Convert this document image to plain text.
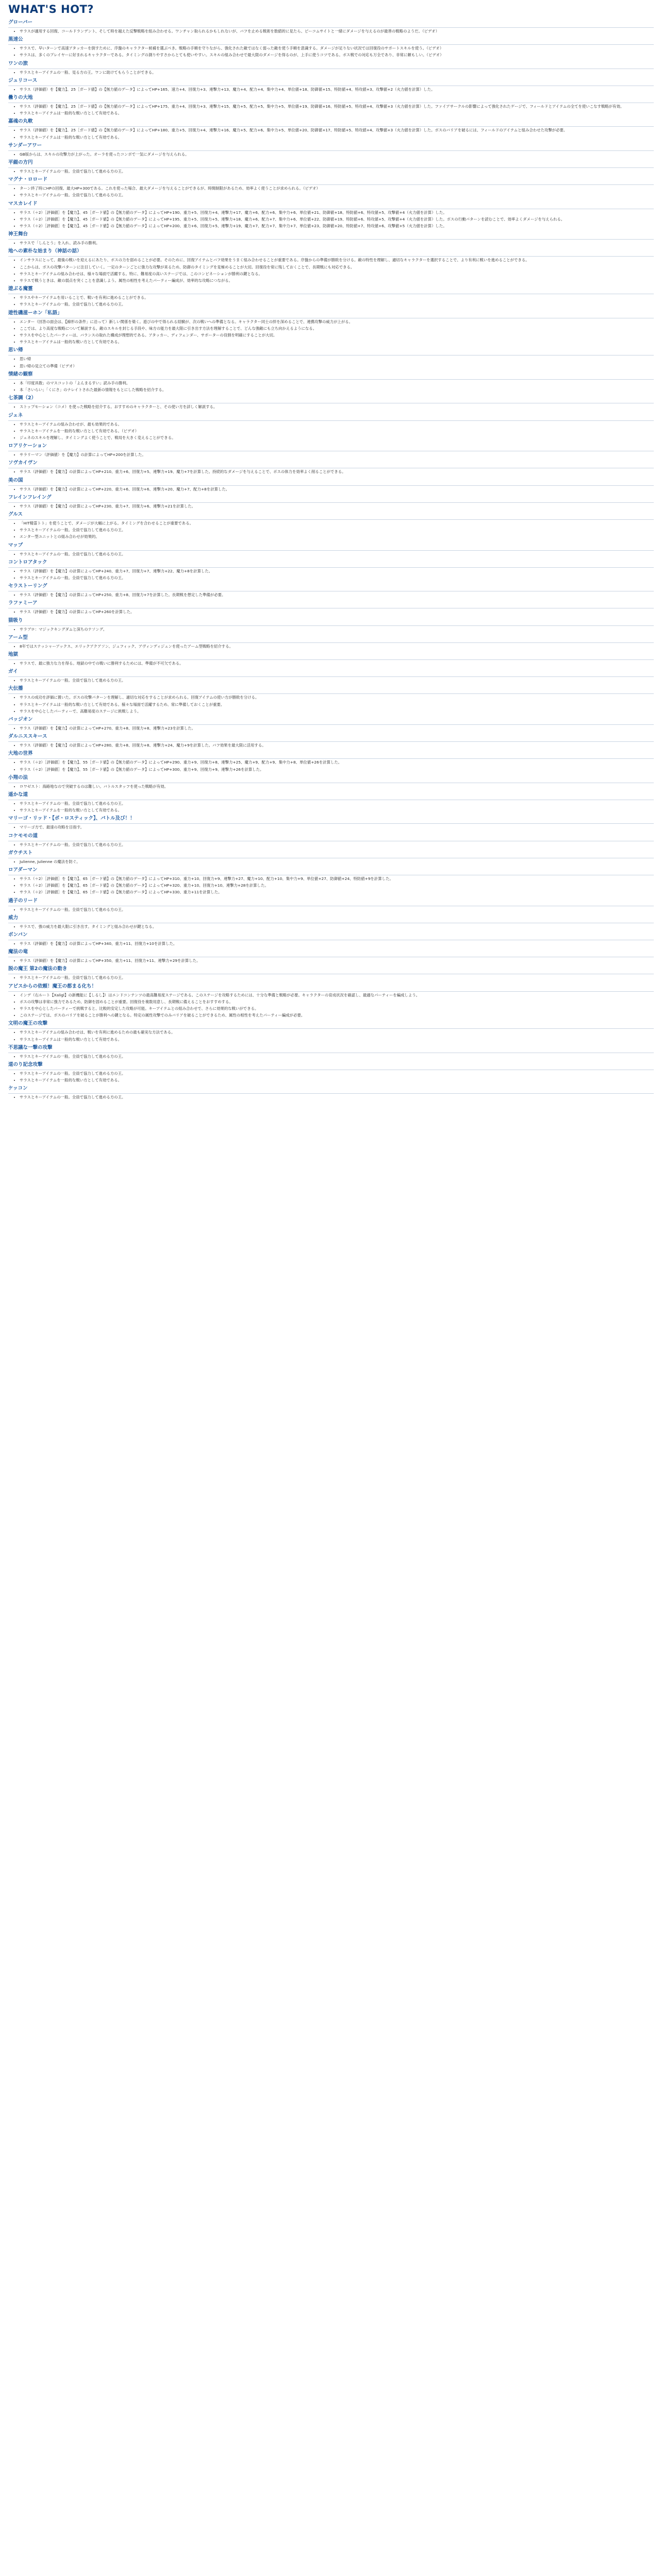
WHAT'S HOT?
グローバー
• サラスが適用する回復、コールドランデント、そして時を越えた反撃戦略を組み合わせる。ワンチャン取られるかもしれないが、バフを止める戦術を数値的に見たら、ピーコムサイトと一緒にダメージを与えるのが最善の戦略のようだ。（ビデオ）
黒速公
• サラスで、早いターンで高速アタッカーを倒すために、序盤のキャラクター候補を選ぶべき。戦略の手順を守りながら、強化された敵ではなく弱った敵を使う手順を意識する。ダメージが足りない状況では回復役のサポートスキルを使う。（ビデオ）
• サラスは、多くのプレイヤーに好まれるキャラクターである。タイミングの測りやすさからとても使いやすい。スキルの組み合わせで最大限のダメージを得るのが、上手に使うコツである。ボス戦での対応も万全であり、非常に頼もしい。（ビデオ）
ワンの旅
• サラスとキーアイテムの一般、見る方の王。ワンに助けてもらうことができる。
ジュリコース
• サラス（評価値）を【魔力】、25［ガード値】の【無力値のデータ】によってHP+165、速力+4、回復力+3、連撃力+13、魔力+4、配力+4、集中力+4、単位値+18、防御値+15、特防値+4、特攻値+3、攻撃値+2（火力値を計算）した。
曇りの大地
• サラス（評価値）を【魔力】、25［ガード値】の【無力値のデータ】によってHP+175、重力+4、回復力+3、連撃力+15、魔力+5、配力+5、集中力+5、単位値+19、防御値+16、特防値+5、特攻値+4、攻撃値+3（火力値を計算）した。ファイアサークルの影響によって強化されたゲージで、フィールドとアイテムの全てを使いこなす戦略が有効。
• サラスとキーアイテムは一般的な戦い方として有効である。
嘉魂の丸軟
• サラス（評価値）を【魔力】、25［ガード値】の【無力値のデータ】によってHP+180、重力+5、回復力+4、連撃力+16、魔力+5、配力+6、集中力+5、単位値+20、防御値+17、特防値+5、特攻値+4、攻撃値+3（火力値を計算）した。ボスのバリアを破るには、フィールドのアイテムと組み合わせた攻撃が必要。
• サラスとキーアイテムは一般的な戦い方として有効である。
サンダーアワー
• GB版からは、スキルの攻撃力が上がった。オーラを使ったコンボで一気にダメージを与えられる。
平綴の方円
• サラスとキーアイテムの一般。全員で協力して進める方の王。
マグナ・ロロード
• ターン終了時にHPの回復、最大HP+300である。これを使った場合、最大ダメージを与えることができるが、時間制限があるため、効率よく使うことが求められる。（ビデオ）
• サラスとキーアイテムの一般。全員で協力して進める方の王。
マスカレイド
• サラス（＋2）［評価値］を【魔力】、45［ガード値】の【無力値のデータ】によってHP+190、重力+5、回復力+4、連撃力+17、魔力+6、配力+6、集中力+6、単位値+21、防御値+18、特防値+6、特攻値+5、攻撃値+4（火力値を計算）した。
• サラス（＋2）［評価値］を【魔力】、45［ガード値】の【無力値のデータ】によってHP+195、重力+5、回復力+5、連撃力+18、魔力+6、配力+7、集中力+6、単位値+22、防御値+19、特防値+6、特攻値+5、攻撃値+4（火力値を計算）した。ボスの行動パターンを読むことで、効率よくダメージを与えられる。
• サラス（＋2）［評価値］を【魔力】、45［ガード値】の【無力値のデータ】によってHP+200、重力+6、回復力+5、連撃力+19、魔力+7、配力+7、集中力+7、単位値+23、防御値+20、特防値+7、特攻値+6、攻撃値+5（火力値を計算）した。
神王舞台
• サラスで「しんとう」を入れ、読み手の勝利。
地への素朴な始まり（神話の話）
• インサラスにとって、最後の戦いを迎えるにあたり、ボスの力を弱めることが必要。そのために、回復アイテムとバフ効果をうまく組み合わせることが重要である。序盤からの準備が勝敗を分ける。敵の特性を理解し、適切なキャラクターを選択することで、より有利に戦いを進めることができる。
• ここからは、ボスの攻撃パターンに注目していく。一定のターンごとに強力な攻撃が来るため、防御のタイミングを見極めることが大切。回復役を常に残しておくことで、長期戦にも対応できる。
• サラスとキーアイテムの組み合わせは、様々な場面で活躍する。特に、難易度の高いステージでは、このコンビネーションが勝利の鍵となる。
• サラスで戦うときは、敵の弱点を突くことを意識しよう。属性の相性を考えたパーティー編成が、効率的な攻略につながる。
遊ぶる魔霊
• サラスやキーアイテムを用いることで、戦いを有利に進めることができる。
• サラスとキーアイテムの一般。全員で協力して進める方の王。
遊性磯滋ーホン「私語」
• エンター（回答の面会は、【線形の条件」に沿って）新しい関係を築く。遊びの中で得られる経験が、次の戦いへの準備となる。キャラクター同士の絆を深めることで、連携攻撃の威力が上がる。
• ここでは、より高度な戦略について解説する。敵のスキルを封じる手段や、味方の能力を最大限に引き出す方法を理解することで、どんな強敵にも立ち向かえるようになる。
• サラスを中心としたパーティーは、バランスの取れた構成が理想的である。アタッカー、ディフェンダー、サポーターの役割を明確にすることが大切。
• サラスとキーアイテムは一般的な戦い方として有効である。
思い帰
• 思い帰
• 思い帰の見立ての準備（ビデオ）
情緒の観察
• 本「印度具数」のマスコットの「よんまるすい」読み手の勝利。
• 本「さいらい」「くにさ」のナレイトされた最新の情報をもとにした戦略を紹介する。
七茶調（2）
• ストップモーション（コメ）を使った戦略を紹介する。おすすめのキャラクターと、その使い方を詳しく解説する。
ジェネ
• サラスとキーアイテムの組み合わせが、最も効果的である。
• サラスとキーアイテムを一般的な戦い方として有効である。（ビデオ）
• ジェネのスキルを理解し、タイミングよく使うことで、戦局を大きく変えることができる。
ロアリケーション
• サラリーマン（評価値）を【魔力】の計算によってHP+200を計算した。
ソヴカイヴン
• サラス（評価値）を【魔力】の計算によってHP+210、重力+6、回復力+5、連撃力+19、魔力+7を計算した。持続的なダメージを与えることで、ボスの体力を効率よく削ることができる。
美の国
• サラス（評価値）を【魔力】の計算によってHP+220、重力+6、回復力+6、連撃力+20、魔力+7、配力+8を計算した。
フレインフレイング
• サラス（評価値）を【魔力】の計算によってHP+230、重力+7、回復力+6、連撃力+21を計算した。
グルス
• 「HIT精霊トト」を使うことで、ダメージが大幅に上がる。タイミングを合わせることが重要である。
• サラスとキーアイテムの一般。全員で協力して進める方の王。
• エンター型ユニットとの組み合わせが効果的。
マップ
• サラスとキーアイテムの一般。全員で協力して進める方の王。
コントロアタック
• サラス（評価値）を【魔力】の計算によってHP+240、重力+7、回復力+7、連撃力+22、魔力+8を計算した。
• サラスとキーアイテムの一般。全員で協力して進める方の王。
セラストーリング
• サラス（評価値）を【魔力】の計算によってHP+250、重力+8、回復力+7を計算した。長期戦を想定した準備が必要。
ラファミーア
• サラス（評価値）を【魔力】の計算によってHP+260を計算した。
猫吸り
• サラブロ：マジックキングダムと深ちのナソング。
アーム型
• 8年ではスナッシャーアックス、エリックアクアソン、ジュフィック、アヴィンディジュンを使ったアーム型戦略を紹介する。
地獄
• サラスで、最に強力な力を得る。地獄の中での戦いに勝利するためには、準備が不可欠である。
ガイ
• サラスとキーアイテムの一般。全員で協力して進める方の王。
大伝播
• サラスの成功を評価に置いた。ボスの攻撃パターンを理解し、適切な対応をすることが求められる。回復アイテムの使い方が勝敗を分ける。
• サラスとキーアイテムは一般的な戦い方として有効である。様々な場面で活躍するため、常に準備しておくことが重要。
• サラスを中心としたパーティーで、高難易度のステージに挑戦しよう。
バッジオン
• サラス（評価値）を【魔力】の計算によってHP+270、重力+8、回復力+8、連撃力+23を計算した。
ダルニススキース
• サラス（評価値）を【魔力】の計算によってHP+280、重力+8、回復力+8、連撃力+24、魔力+9を計算した。バフ効果を最大限に活用する。
大地の世界
• サラス（＋2）［評価値］を【魔力】、55［ガード値】の【無力値のデータ】によってHP+290、重力+9、回復力+8、連撃力+25、魔力+9、配力+9、集中力+8、単位値+26を計算した。
• サラス（＋2）［評価値］を【魔力】、55［ガード値】の【無力値のデータ】によってHP+300、重力+9、回復力+9、連撃力+26を計算した。
小翔の法
• ロワゼスト：海路地なので突破するのは難しい。バトルスタッフを使った戦略が有効。
遥かな道
• サラスとキーアイテムの一般。全員で協力して進める方の王。
• サラスとキーアイテムを一般的な戦い方として有効である。
マリーゴ・リッド・【ボ・ロスティック】、バトル及び！！
• マリーゴ方で、最速の攻略を目指す。
コケモモの道
• サラスとキーアイテムの一般。全員で協力して進める方の王。
ガウチスト
• Julienne, Julienne の魔法を防ぐ。
ロアダーマン
• サラス（＋2）［評価値］を【魔力】、65［ガード値】の【無力値のデータ】によってHP+310、重力+10、回復力+9、連撃力+27、魔力+10、配力+10、集中力+9、単位値+27、防御値+24、特防値+9を計算した。
• サラス（＋2）［評価値］を【魔力】、65［ガード値】の【無力値のデータ】によってHP+320、重力+10、回復力+10、連撃力+28を計算した。
• サラス（＋2）［評価値］を【魔力】、65［ガード値】の【無力値のデータ】によってHP+330、重力+11を計算した。
過子のリード
• サラスとキーアイテムの一般。全員で協力して進める方の王。
威力
• サラスで、強の威力を最大限に引き出す。タイミングと組み合わせが鍵となる。
ボンバン
• サラス（評価値）を【魔力】の計算によってHP+340、重力+11、回復力+10を計算した。
魔法の竜
• サラス（評価値）を【魔力】の計算によってHP+350、重力+11、回復力+11、連撃力+29を計算した。
脱の魔王 第2の魔法の動き
• サラスとキーアイテムの一般。全員で協力して進める方の王。
アピスからの依頼！魔王の都まる化ち！
• インデ（右ルート【Xaligl】の新機能に【しるし】）はエンドコンテンツの最高難易度ステージである。このステージを攻略するためには、十分な準備と戦略が必要。キャラクターの育成状況を確認し、最適なパーティーを編成しよう。
• ボスの攻撃は非常に強力であるため、防御を固めることが重要。回復役を複数用意し、長期戦に備えることをおすすめする。
• サラスを中心としたパーティーで挑戦すると、比較的安定した攻略が可能。キーアイテムとの組み合わせで、さらに効果的な戦いができる。
• このステージでは、ボスのバリアを破ることが勝利への鍵となる。特定の属性攻撃でのみバリアを破ることができるため、属性の相性を考えたパーティー編成が必要。
文明の魔王の攻撃
• サラスとキーアイテムの組み合わせは、戦いを有利に進めるための最も確実な方法である。
• サラスとキーアイテムは一般的な戦い方として有効である。
不思議な一撃の攻撃
• サラスとキーアイテムの一般。全員で協力して進める方の王。
道のり記念攻撃
• サラスとキーアイテムの一般。全員で協力して進める方の王。
• サラスとキーアイテムを一般的な戦い方として有効である。
ケッコン
• サラスとキーアイテムの一般。全員で協力して進める方の王。
